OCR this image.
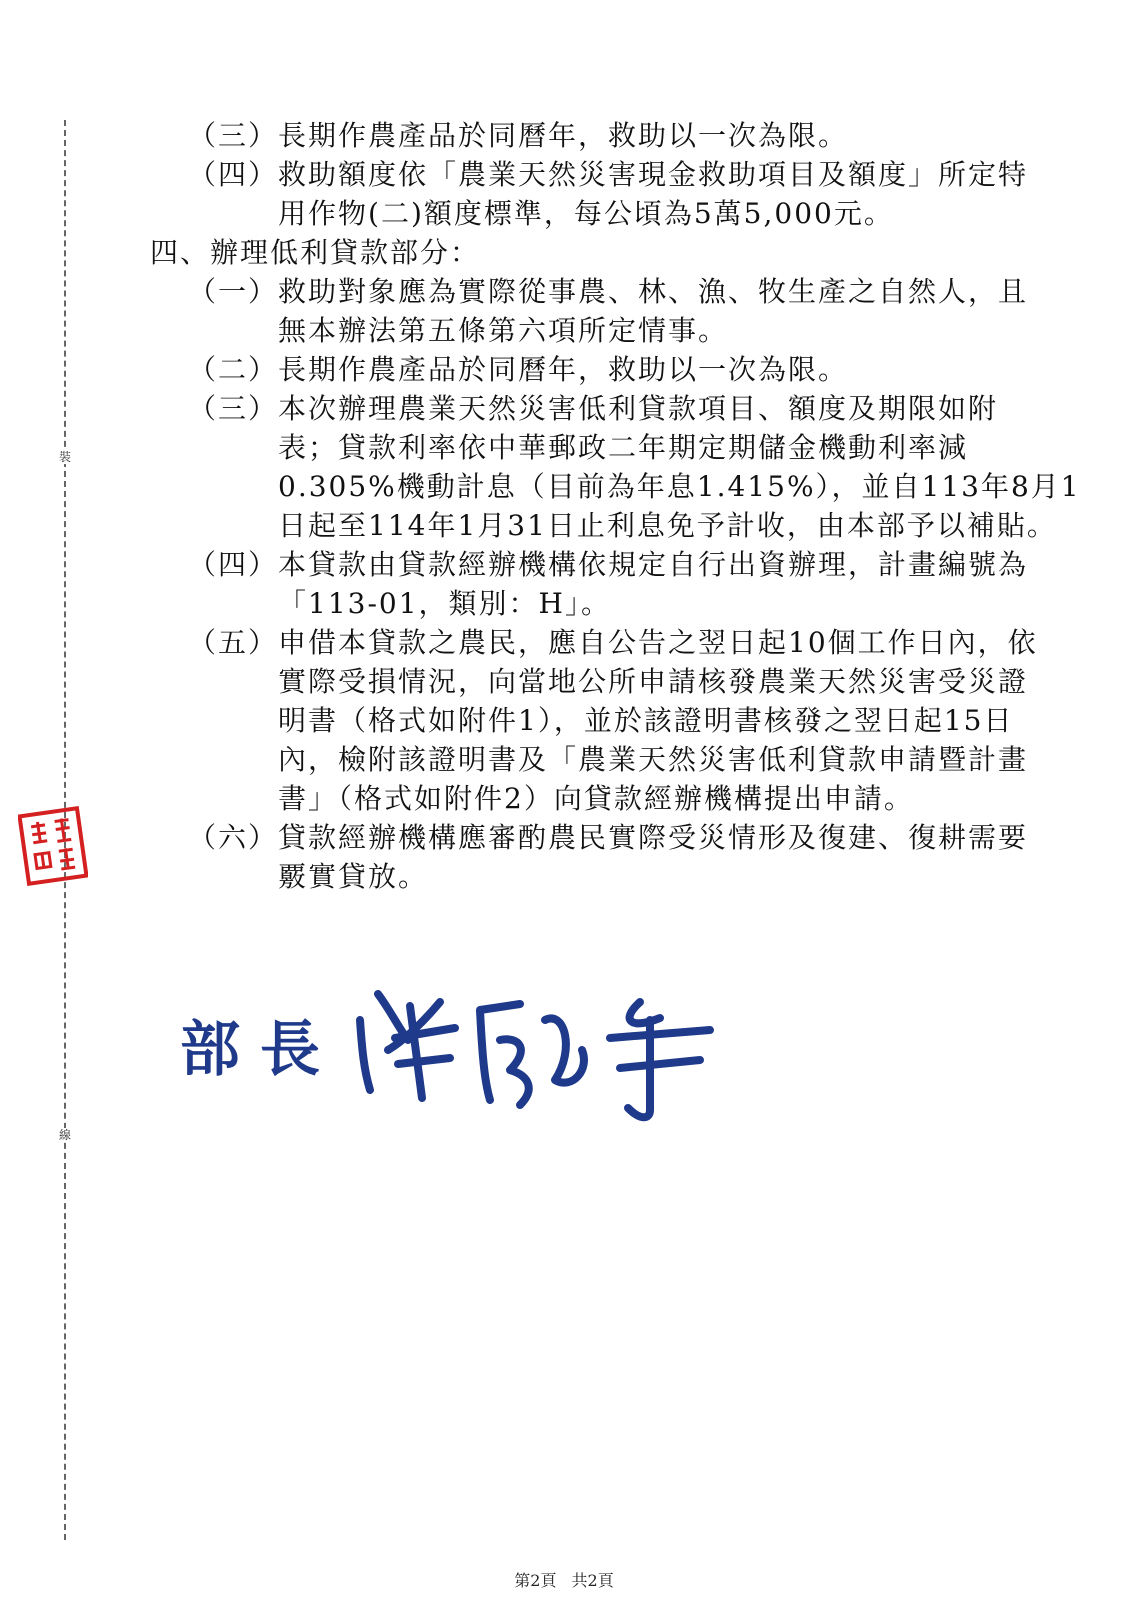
裝
線
（三） 長期作農產品於同曆年，救助以一次為限。
（四） 救助額度依「農業天然災害現金救助項目及額度」所定特
用作物(二)額度標準，每公頃為5萬5,000元。
四、辦理低利貸款部分：
（一） 救助對象應為實際從事農、林、漁、牧生產之自然人，且
無本辦法第五條第六項所定情事。
（二） 長期作農產品於同曆年，救助以一次為限。
（三） 本次辦理農業天然災害低利貸款項目、額度及期限如附
表；貸款利率依中華郵政二年期定期儲金機動利率減
0.305%機動計息（目前為年息1.415%），並自113年8月1
日起至114年1月31日止利息免予計收，由本部予以補貼。
（四） 本貸款由貸款經辦機構依規定自行出資辦理，計畫編號為
「113-01，類別：H」。
（五） 申借本貸款之農民，應自公告之翌日起10個工作日內，依
實際受損情況，向當地公所申請核發農業天然災害受災證
明書（格式如附件1），並於該證明書核發之翌日起15日
內，檢附該證明書及「農業天然災害低利貸款申請暨計畫
書」（格式如附件2）向貸款經辦機構提出申請。
（六） 貸款經辦機構應審酌農民實際受災情形及復建、復耕需要
覈實貸放。
部長
第2頁 共2頁
